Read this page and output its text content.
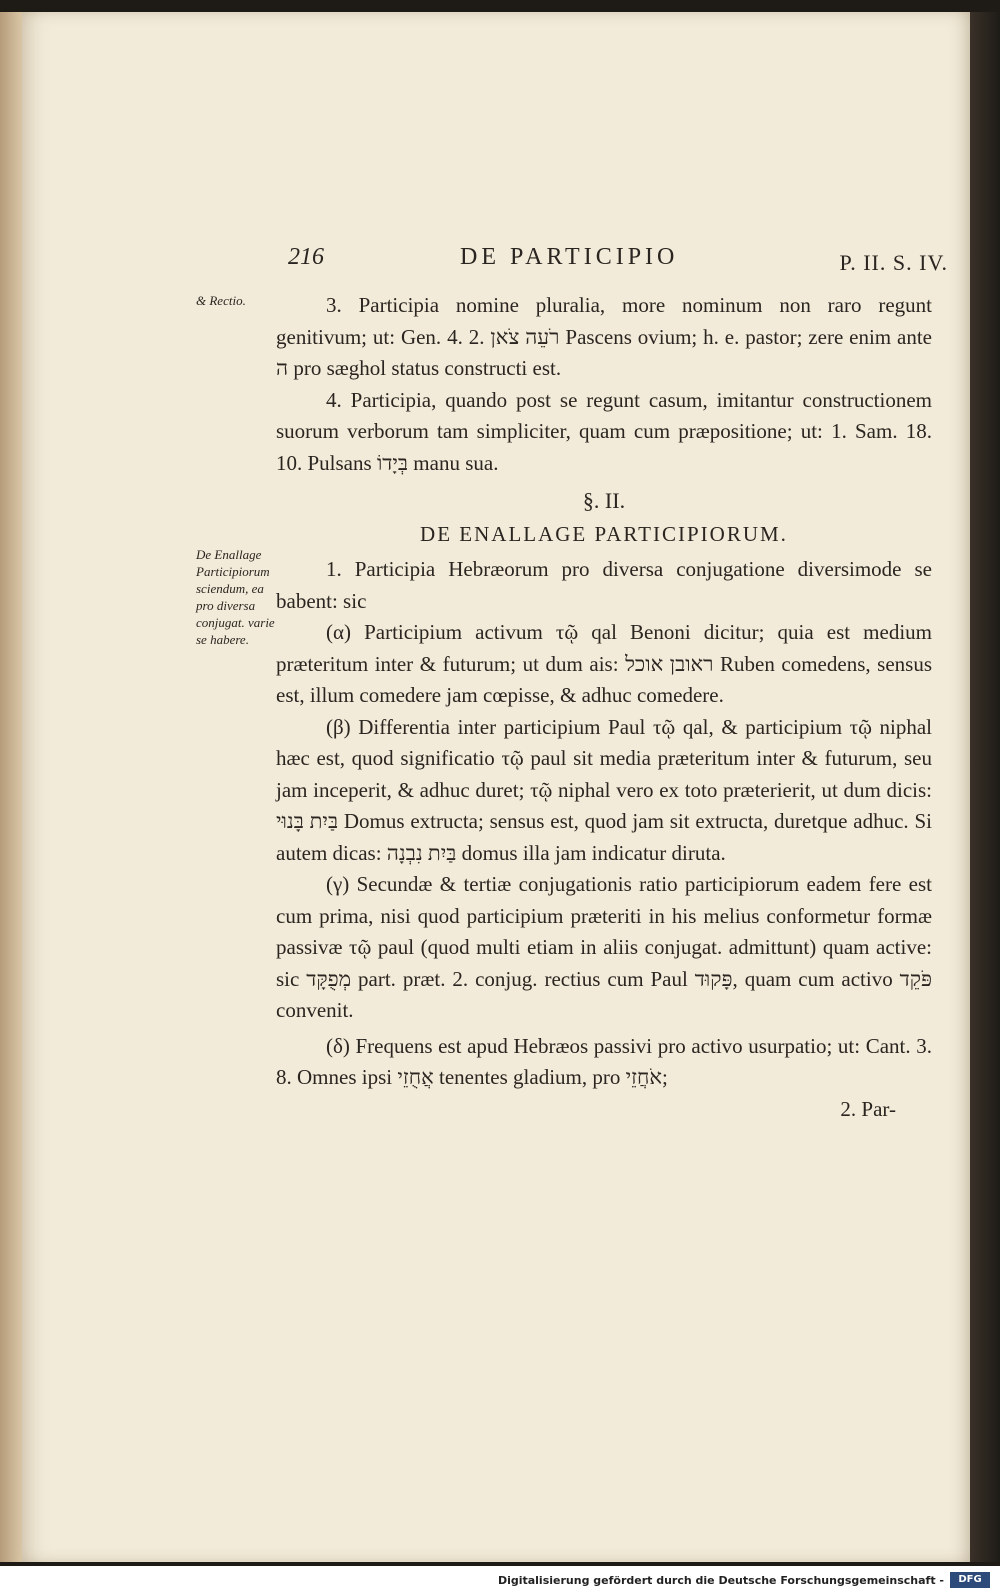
216	DE PARTICIPIO	P. II. S. IV.
& Rectio.
De Enallage Participiorum sciendum, ea pro diversa conjugat. varie se habere.

3. Participia nomine pluralia, more nominum non raro regunt genitivum; ut: Gen. 4. 2. רֹעֵה צֹאן Pascens ovium; h. e. pastor; zere enim ante ה pro sæghol status constructi est.

4. Participia, quando post se regunt casum, imitantur constructionem suorum verborum tam simpliciter, quam cum præpositione; ut: 1. Sam. 18. 10. Pulsans בְּיָדוֹ manu sua.

§. II.

DE ENALLAGE PARTICIPIORUM.

1. Participia Hebræorum pro diversa conjugatione diversimode se babent: sic

(α) Participium activum τῷ qal Benoni dicitur; quia est medium præteritum inter & futurum; ut dum ais: ראובן אוכל Ruben comedens, sensus est, illum comedere jam cœpisse, & adhuc comedere.

(β) Differentia inter participium Paul τῷ qal, & participium τῷ niphal hæc est, quod significatio τῷ paul sit media præteritum inter & futurum, seu jam inceperit, & adhuc duret; τῷ niphal vero ex toto præterierit, ut dum dicis: בַּיִת בָּנוּי Domus extructa; sensus est, quod jam sit extructa, duretque adhuc. Si autem dicas: בַּיִת נִבְנָה domus illa jam indicatur diruta.

(γ) Secundæ & tertiæ conjugationis ratio participiorum eadem fere est cum prima, nisi quod participium præteriti in his melius conformetur formæ passivæ τῷ paul (quod multi etiam in aliis conjugat. admittunt) quam active: sic מְפֻקָּד part. præt. 2. conjug. rectius cum Paul פָּקוּד, quam cum activo פֹּקֵד convenit.

(δ) Frequens est apud Hebræos passivi pro activo usurpatio; ut: Cant. 3. 8. Omnes ipsi אֲחֻזֵי tenentes gladium, pro אֹחֲזֵי;

2. Par-

Digitalisierung gefördert durch die Deutsche Forschungsgemeinschaft -	DFG
